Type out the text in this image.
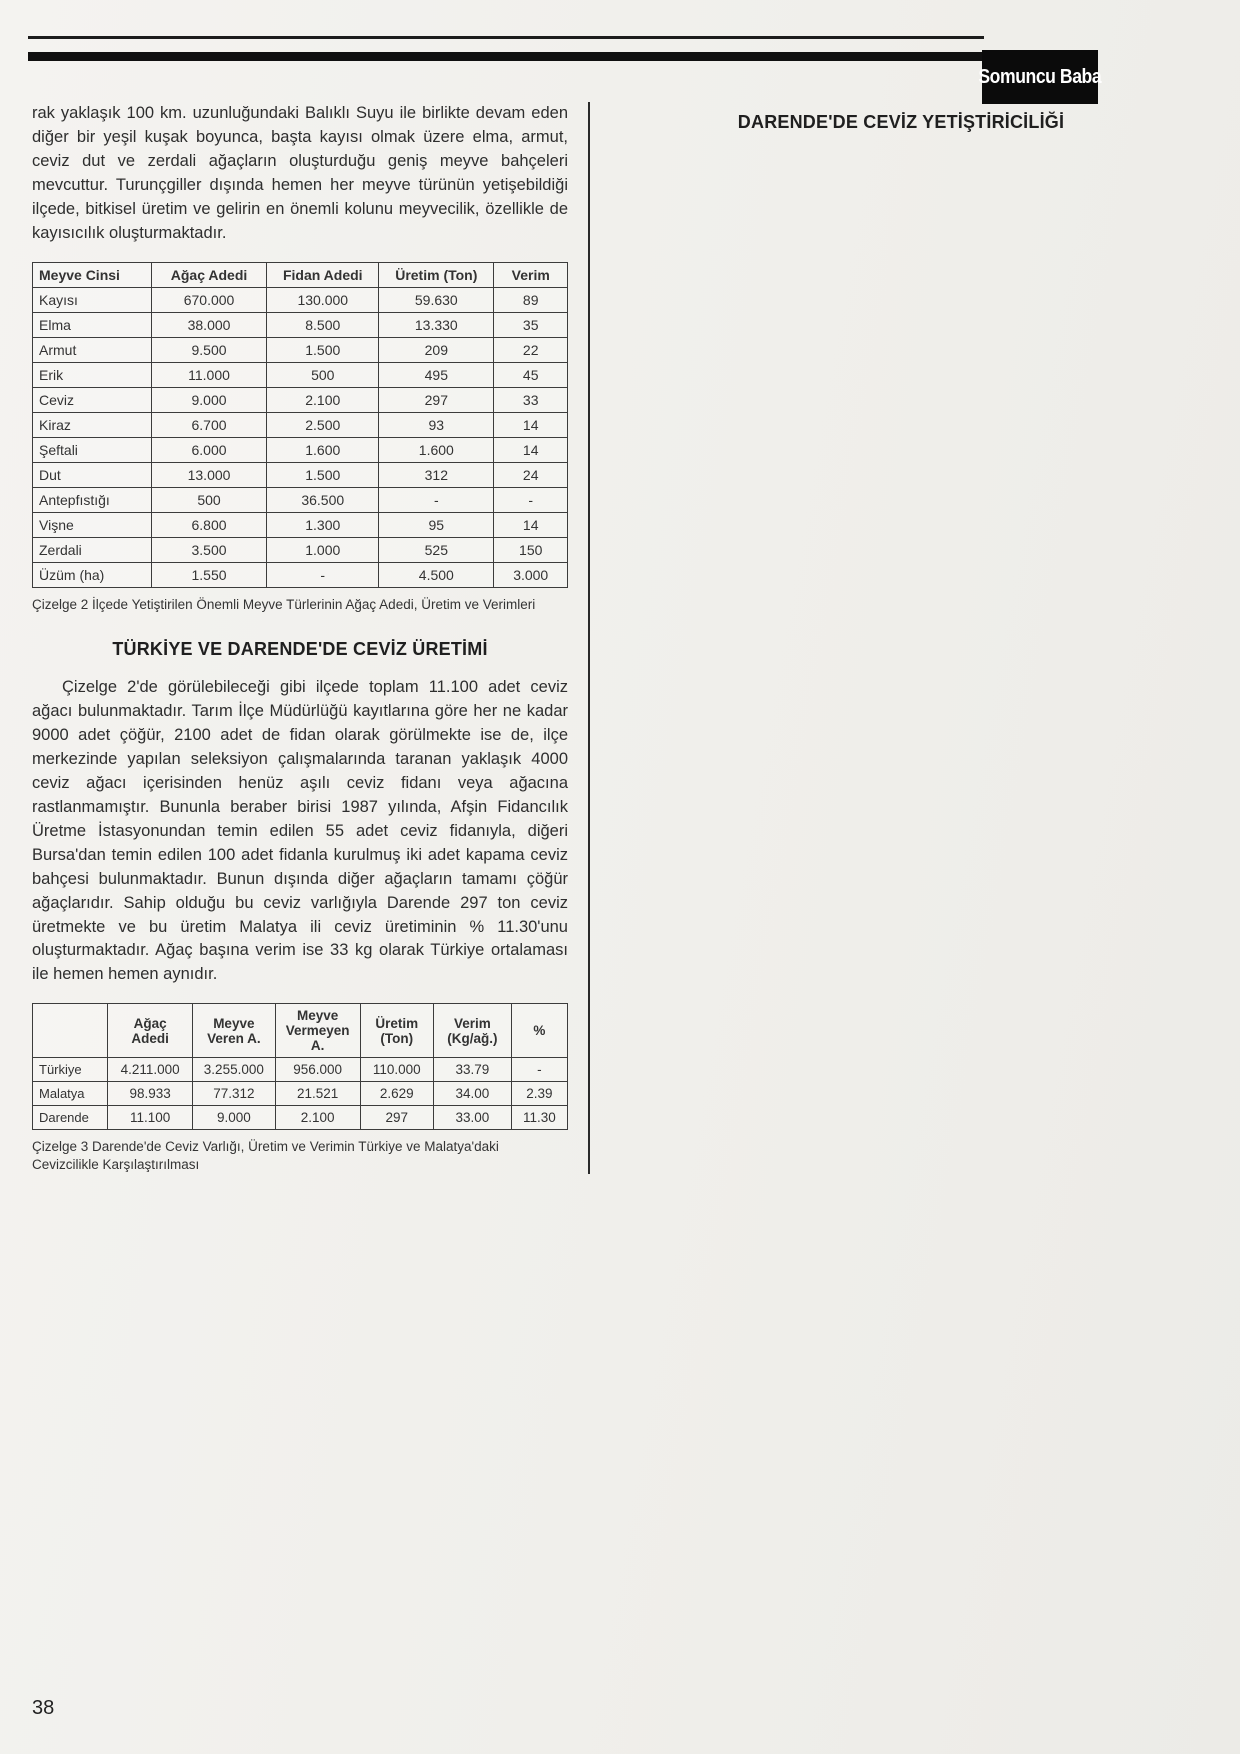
Somuncu Baba

rak yaklaşık 100 km. uzunluğundaki Balıklı Suyu ile birlikte devam eden diğer bir yeşil kuşak boyunca, başta kayısı olmak üzere elma, armut, ceviz dut ve zerdali ağaçların oluşturduğu geniş meyve bahçeleri mevcuttur. Turunçgiller dışında hemen her meyve türünün yetişebildiği ilçede, bitkisel üretim ve gelirin en önemli kolunu meyvecilik, özellikle de kayısıcılık oluşturmaktadır.

Meyve Cinsi	Ağaç Adedi	Fidan Adedi	Üretim (Ton)	Verim
Kayısı	670.000	130.000	59.630	89
Elma	38.000	8.500	13.330	35
Armut	9.500	1.500	209	22
Erik	11.000	500	495	45
Ceviz	9.000	2.100	297	33
Kiraz	6.700	2.500	93	14
Şeftali	6.000	1.600	1.600	14
Dut	13.000	1.500	312	24
Antepfıstığı	500	36.500	-	-
Vişne	6.800	1.300	95	14
Zerdali	3.500	1.000	525	150
Üzüm (ha)	1.550	-	4.500	3.000

Çizelge 2 İlçede Yetiştirilen Önemli Meyve Türlerinin Ağaç Adedi, Üretim ve Verimleri

TÜRKİYE VE DARENDE'DE CEVİZ ÜRETİMİ

Çizelge 2'de görülebileceği gibi ilçede toplam 11.100 adet ceviz ağacı bulunmaktadır. Tarım İlçe Müdürlüğü kayıtlarına göre her ne kadar 9000 adet çöğür, 2100 adet de fidan olarak görülmekte ise de, ilçe merkezinde yapılan seleksiyon çalışmalarında taranan yaklaşık 4000 ceviz ağacı içerisinden henüz aşılı ceviz fidanı veya ağacına rastlanmamıştır. Bununla beraber birisi 1987 yılında, Afşin Fidancılık Üretme İstasyonundan temin edilen 55 adet ceviz fidanıyla, diğeri Bursa'dan temin edilen 100 adet fidanla kurulmuş iki adet kapama ceviz bahçesi bulunmaktadır. Bunun dışında diğer ağaçların tamamı çöğür ağaçlarıdır. Sahip olduğu bu ceviz varlığıyla Darende 297 ton ceviz üretmekte ve bu üretim Malatya ili ceviz üretiminin % 11.30'unu oluşturmaktadır. Ağaç başına verim ise 33 kg olarak Türkiye ortalaması ile hemen hemen aynıdır.

	Ağaç Adedi	Meyve Veren A.	Meyve Vermeyen A.	Üretim (Ton)	Verim (Kg/ağ.)	%
Türkiye	4.211.000	3.255.000	956.000	110.000	33.79	-
Malatya	98.933	77.312	21.521	2.629	34.00	2.39
Darende	11.100	9.000	2.100	297	33.00	11.30

Çizelge 3 Darende'de Ceviz Varlığı, Üretim ve Verimin Türkiye ve Malatya'daki Cevizcilikle Karşılaştırılması

DARENDE'DE CEVİZ YETİŞTİRİCİLİĞİ

38
